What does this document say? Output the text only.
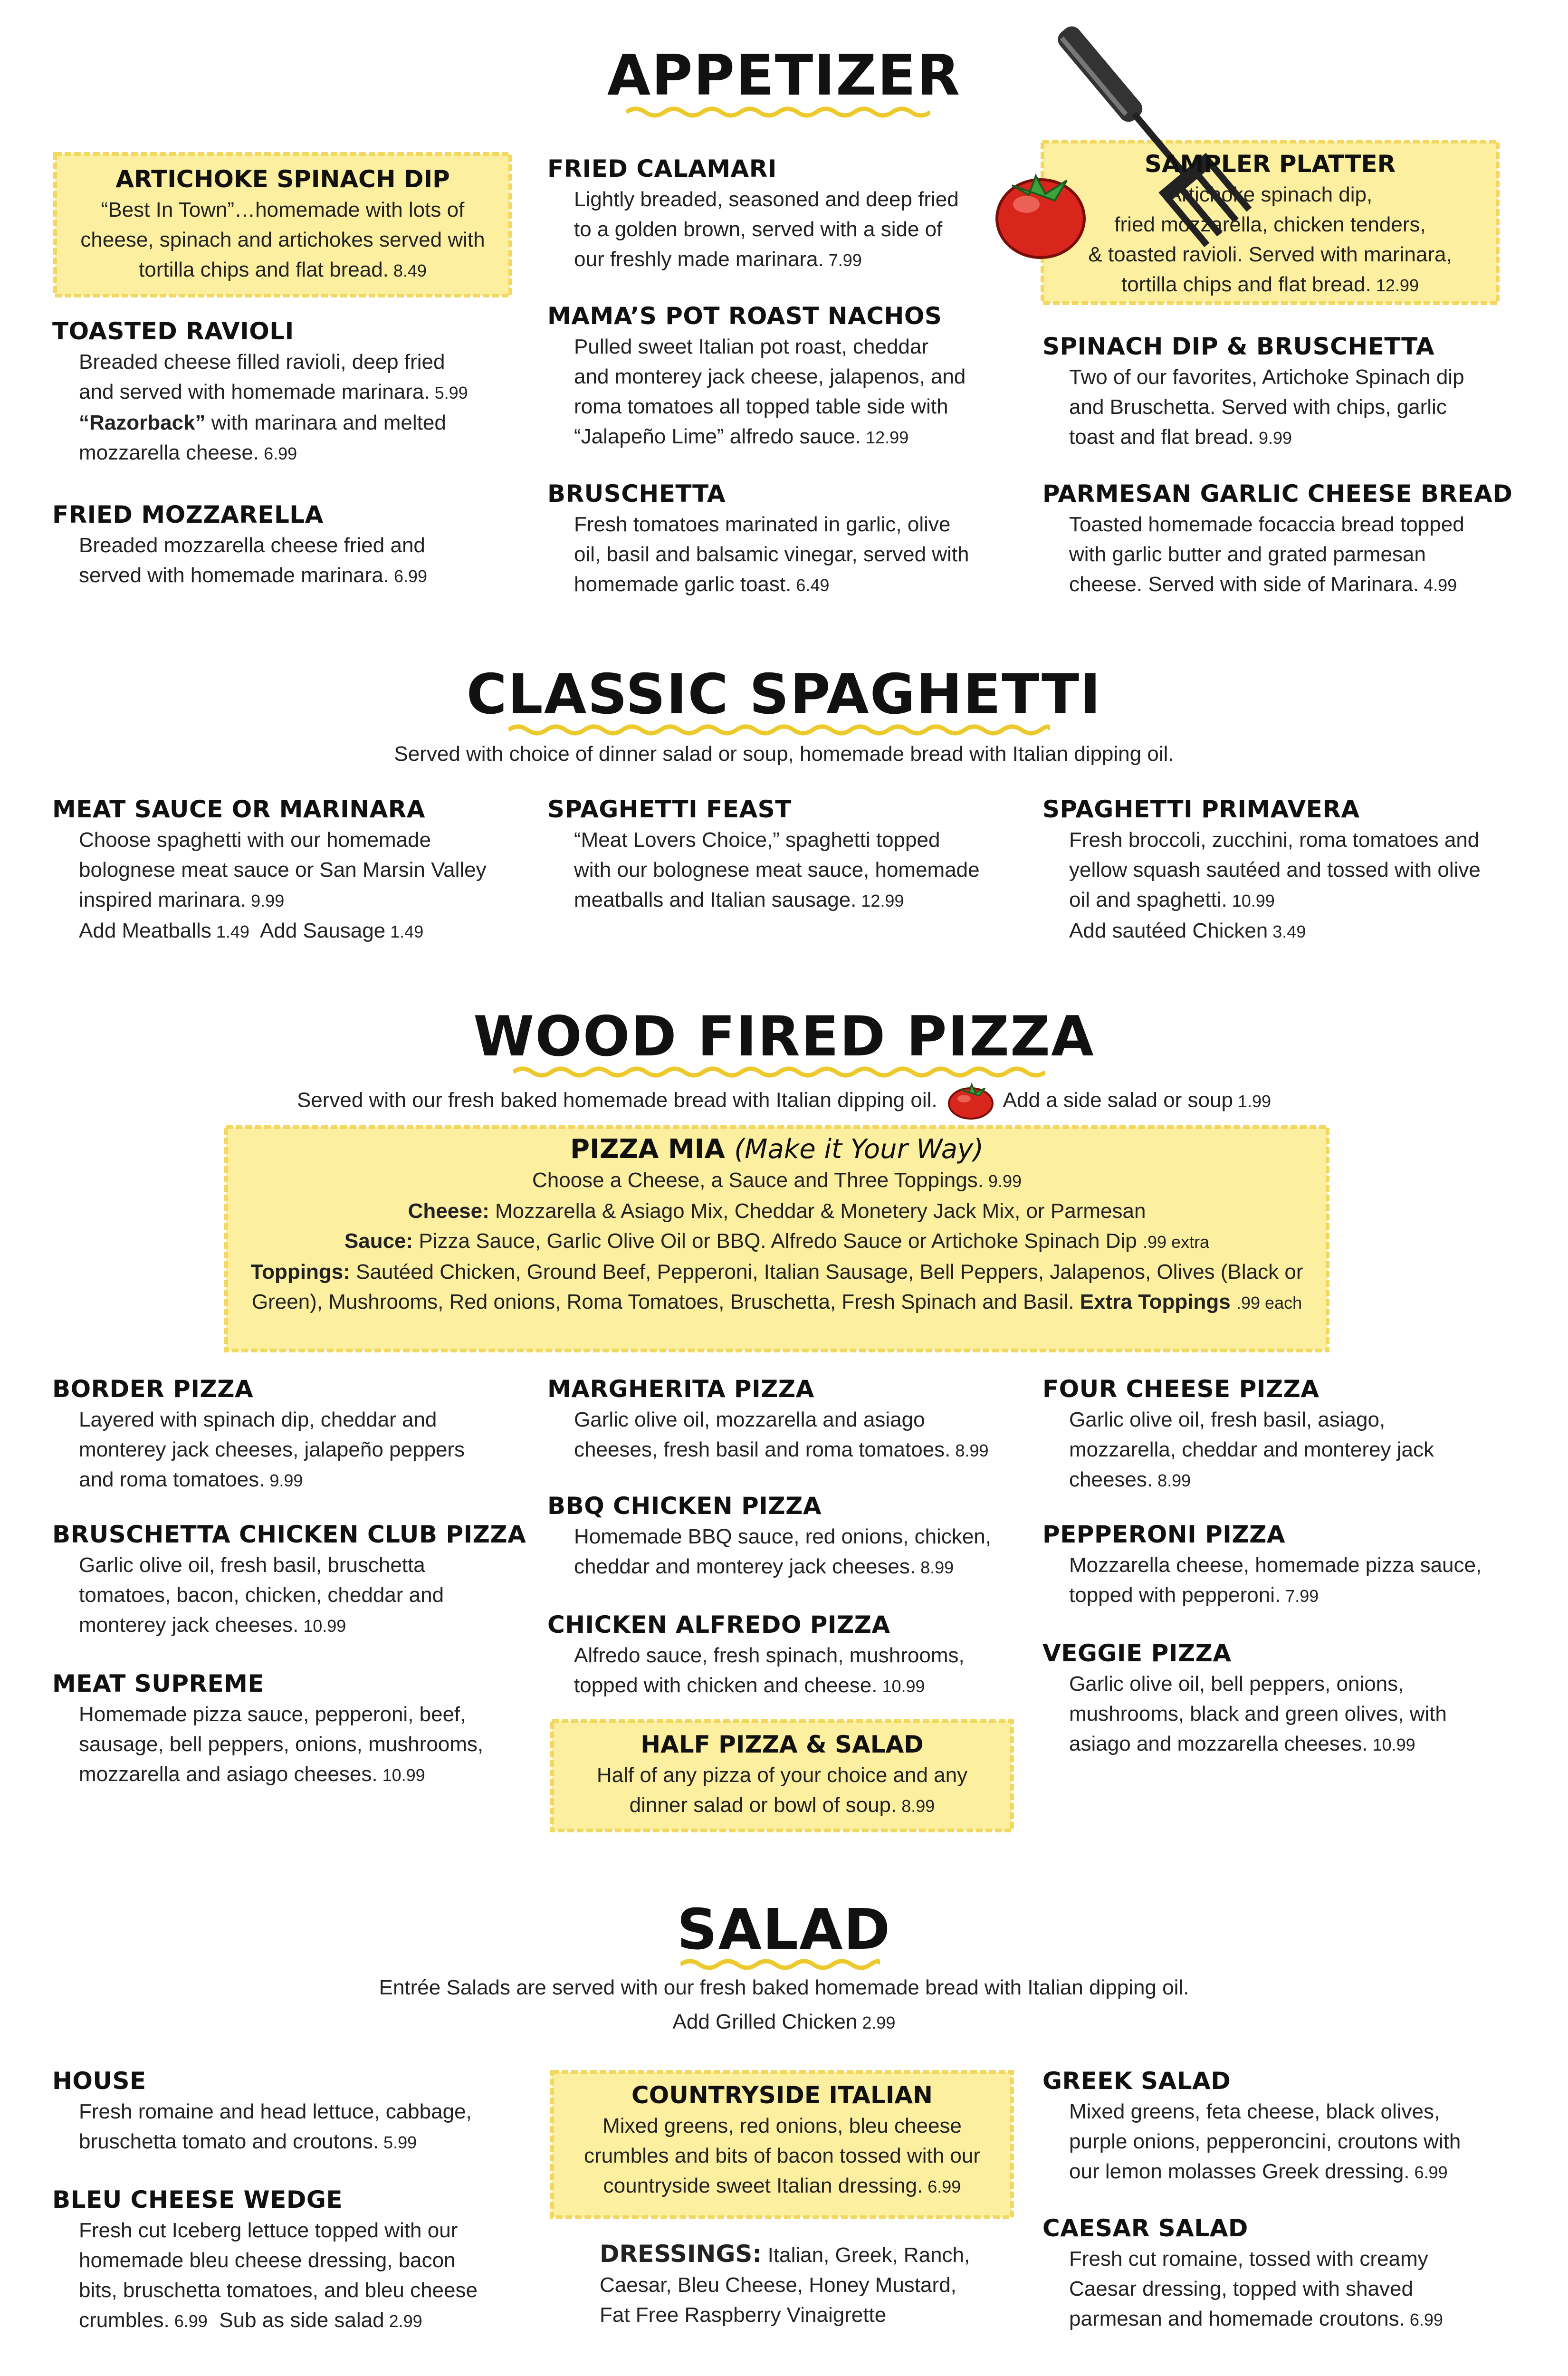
APPETIZER
ARTICHOKE SPINACH DIP
“Best In Town”…homemade with lots of
cheese, spinach and artichokes served with
tortilla chips and flat bread. 8.49
TOASTED RAVIOLI
Breaded cheese filled ravioli, deep fried
and served with homemade marinara. 5.99
“Razorback” with marinara and melted
mozzarella cheese. 6.99
FRIED MOZZARELLA
Breaded mozzarella cheese fried and
served with homemade marinara. 6.99
FRIED CALAMARI
Lightly breaded, seasoned and deep fried
to a golden brown, served with a side of
our freshly made marinara. 7.99
MAMA’S POT ROAST NACHOS
Pulled sweet Italian pot roast, cheddar
and monterey jack cheese, jalapenos, and
roma tomatoes all topped table side with
“Jalapeño Lime” alfredo sauce. 12.99
BRUSCHETTA
Fresh tomatoes marinated in garlic, olive
oil, basil and balsamic vinegar, served with
homemade garlic toast. 6.49
SAMPLER PLATTER
Artichoke spinach dip,
fried mozzarella, chicken tenders,
& toasted ravioli. Served with marinara,
tortilla chips and flat bread. 12.99
SPINACH DIP & BRUSCHETTA
Two of our favorites, Artichoke Spinach dip
and Bruschetta. Served with chips, garlic
toast and flat bread. 9.99
PARMESAN GARLIC CHEESE BREAD
Toasted homemade focaccia bread topped
with garlic butter and grated parmesan
cheese. Served with side of Marinara. 4.99
CLASSIC SPAGHETTI
Served with choice of dinner salad or soup, homemade bread with Italian dipping oil.
MEAT SAUCE OR MARINARA
Choose spaghetti with our homemade
bolognese meat sauce or San Marsin Valley
inspired marinara. 9.99
Add Meatballs 1.49 Add Sausage 1.49
SPAGHETTI FEAST
“Meat Lovers Choice,” spaghetti topped
with our bolognese meat sauce, homemade
meatballs and Italian sausage. 12.99
SPAGHETTI PRIMAVERA
Fresh broccoli, zucchini, roma tomatoes and
yellow squash sautéed and tossed with olive
oil and spaghetti. 10.99
Add sautéed Chicken 3.49
WOOD FIRED PIZZA
Served with our fresh baked homemade bread with Italian dipping oil.	Add a side salad or soup 1.99
PIZZA MIA (Make it Your Way)
Choose a Cheese, a Sauce and Three Toppings. 9.99
Cheese: Mozzarella & Asiago Mix, Cheddar & Monetery Jack Mix, or Parmesan
Sauce: Pizza Sauce, Garlic Olive Oil or BBQ. Alfredo Sauce or Artichoke Spinach Dip .99 extra
Toppings: Sautéed Chicken, Ground Beef, Pepperoni, Italian Sausage, Bell Peppers, Jalapenos, Olives (Black or
Green), Mushrooms, Red onions, Roma Tomatoes, Bruschetta, Fresh Spinach and Basil. Extra Toppings .99 each
BORDER PIZZA
Layered with spinach dip, cheddar and
monterey jack cheeses, jalapeño peppers
and roma tomatoes. 9.99
BRUSCHETTA CHICKEN CLUB PIZZA
Garlic olive oil, fresh basil, bruschetta
tomatoes, bacon, chicken, cheddar and
monterey jack cheeses. 10.99
MEAT SUPREME
Homemade pizza sauce, pepperoni, beef,
sausage, bell peppers, onions, mushrooms,
mozzarella and asiago cheeses. 10.99
MARGHERITA PIZZA
Garlic olive oil, mozzarella and asiago
cheeses, fresh basil and roma tomatoes. 8.99
BBQ CHICKEN PIZZA
Homemade BBQ sauce, red onions, chicken,
cheddar and monterey jack cheeses. 8.99
CHICKEN ALFREDO PIZZA
Alfredo sauce, fresh spinach, mushrooms,
topped with chicken and cheese. 10.99
HALF PIZZA & SALAD
Half of any pizza of your choice and any
dinner salad or bowl of soup. 8.99
FOUR CHEESE PIZZA
Garlic olive oil, fresh basil, asiago,
mozzarella, cheddar and monterey jack
cheeses. 8.99
PEPPERONI PIZZA
Mozzarella cheese, homemade pizza sauce,
topped with pepperoni. 7.99
VEGGIE PIZZA
Garlic olive oil, bell peppers, onions,
mushrooms, black and green olives, with
asiago and mozzarella cheeses. 10.99
SALAD
Entrée Salads are served with our fresh baked homemade bread with Italian dipping oil.
Add Grilled Chicken 2.99
HOUSE
Fresh romaine and head lettuce, cabbage,
bruschetta tomato and croutons. 5.99
BLEU CHEESE WEDGE
Fresh cut Iceberg lettuce topped with our
homemade bleu cheese dressing, bacon
bits, bruschetta tomatoes, and bleu cheese
crumbles. 6.99 Sub as side salad 2.99
COUNTRYSIDE ITALIAN
Mixed greens, red onions, bleu cheese
crumbles and bits of bacon tossed with our
countryside sweet Italian dressing. 6.99
DRESSINGS: Italian, Greek, Ranch,
Caesar, Bleu Cheese, Honey Mustard,
Fat Free Raspberry Vinaigrette
GREEK SALAD
Mixed greens, feta cheese, black olives,
purple onions, pepperoncini, croutons with
our lemon molasses Greek dressing. 6.99
CAESAR SALAD
Fresh cut romaine, tossed with creamy
Caesar dressing, topped with shaved
parmesan and homemade croutons. 6.99
